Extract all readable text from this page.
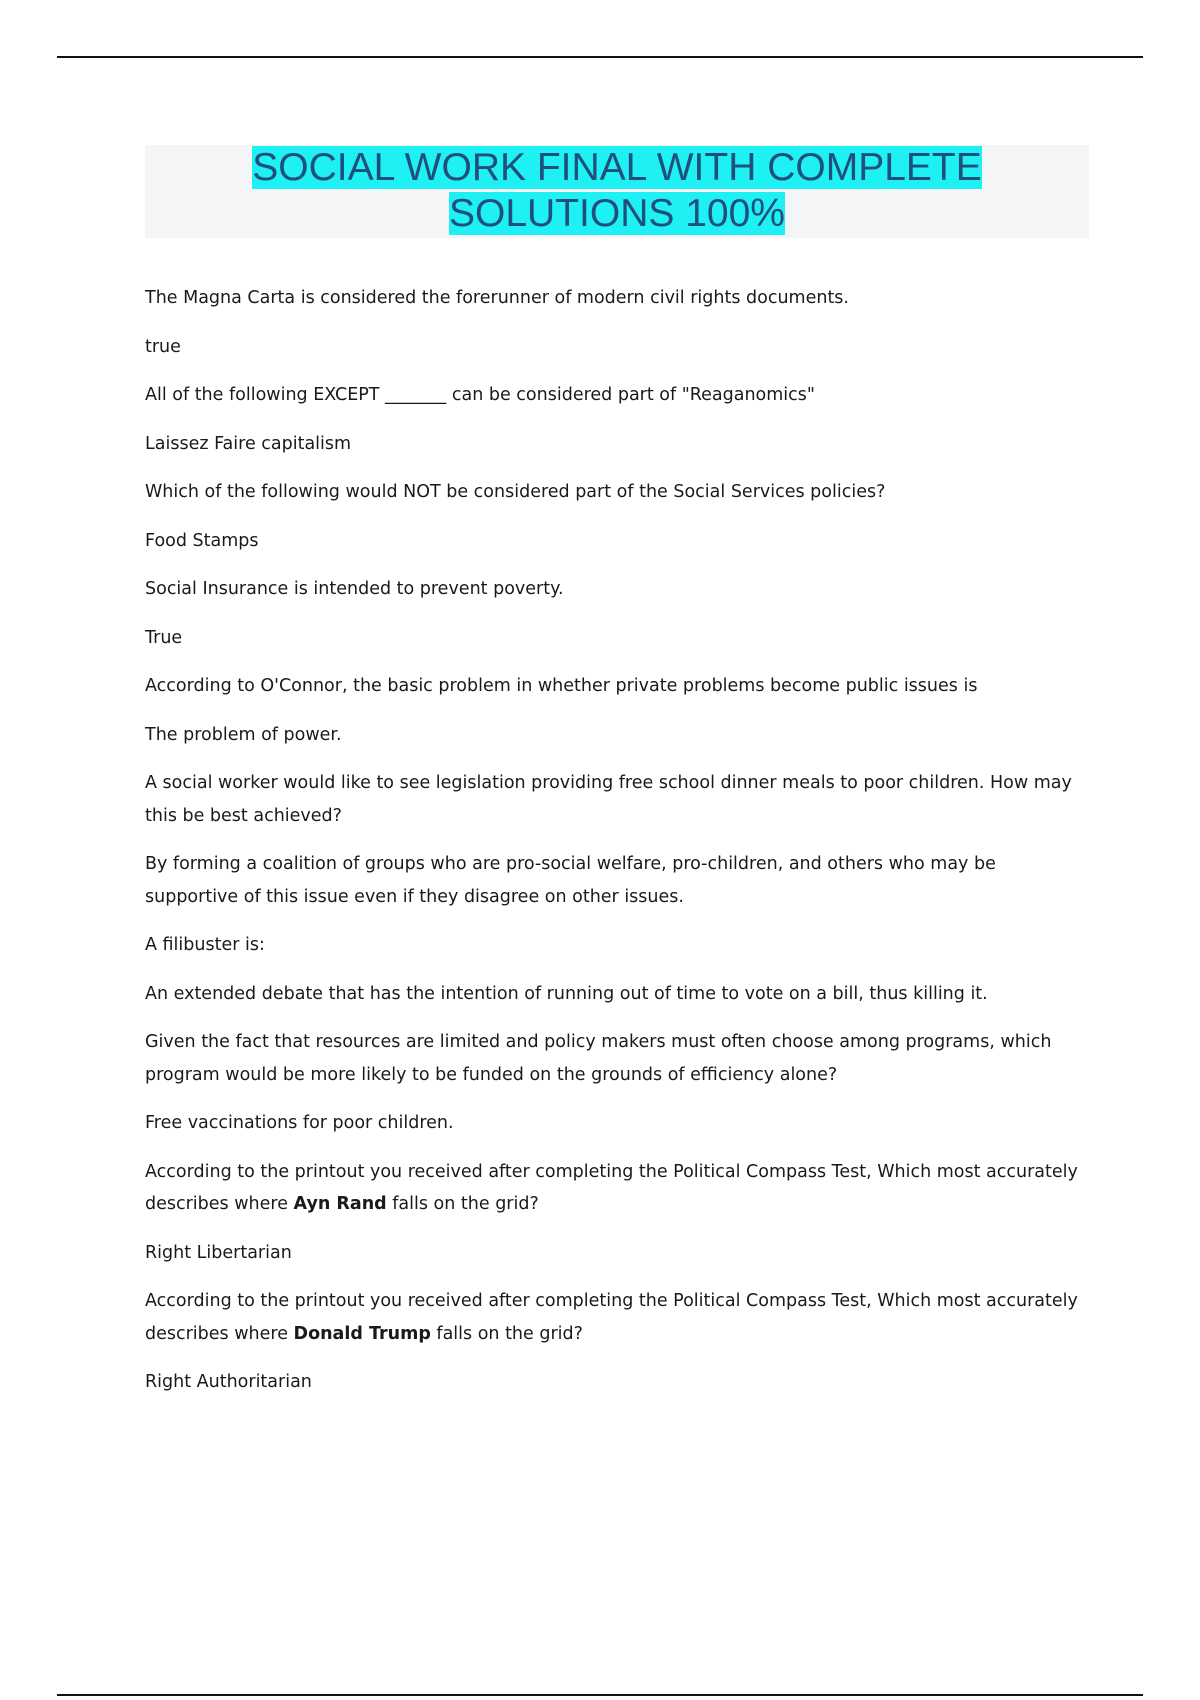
SOCIAL WORK FINAL WITH COMPLETE
SOLUTIONS 100%

The Magna Carta is considered the forerunner of modern civil rights documents.

true

All of the following EXCEPT _______ can be considered part of "Reaganomics"

Laissez Faire capitalism

Which of the following would NOT be considered part of the Social Services policies?

Food Stamps

Social Insurance is intended to prevent poverty.

True

According to O'Connor, the basic problem in whether private problems become public issues is

The problem of power.

A social worker would like to see legislation providing free school dinner meals to poor children. How may this be best achieved?

By forming a coalition of groups who are pro-social welfare, pro-children, and others who may be supportive of this issue even if they disagree on other issues.

A filibuster is:

An extended debate that has the intention of running out of time to vote on a bill, thus killing it.

Given the fact that resources are limited and policy makers must often choose among programs, which program would be more likely to be funded on the grounds of efficiency alone?

Free vaccinations for poor children.

According to the printout you received after completing the Political Compass Test, Which most accurately describes where Ayn Rand falls on the grid?

Right Libertarian

According to the printout you received after completing the Political Compass Test, Which most accurately describes where Donald Trump falls on the grid?

Right Authoritarian
